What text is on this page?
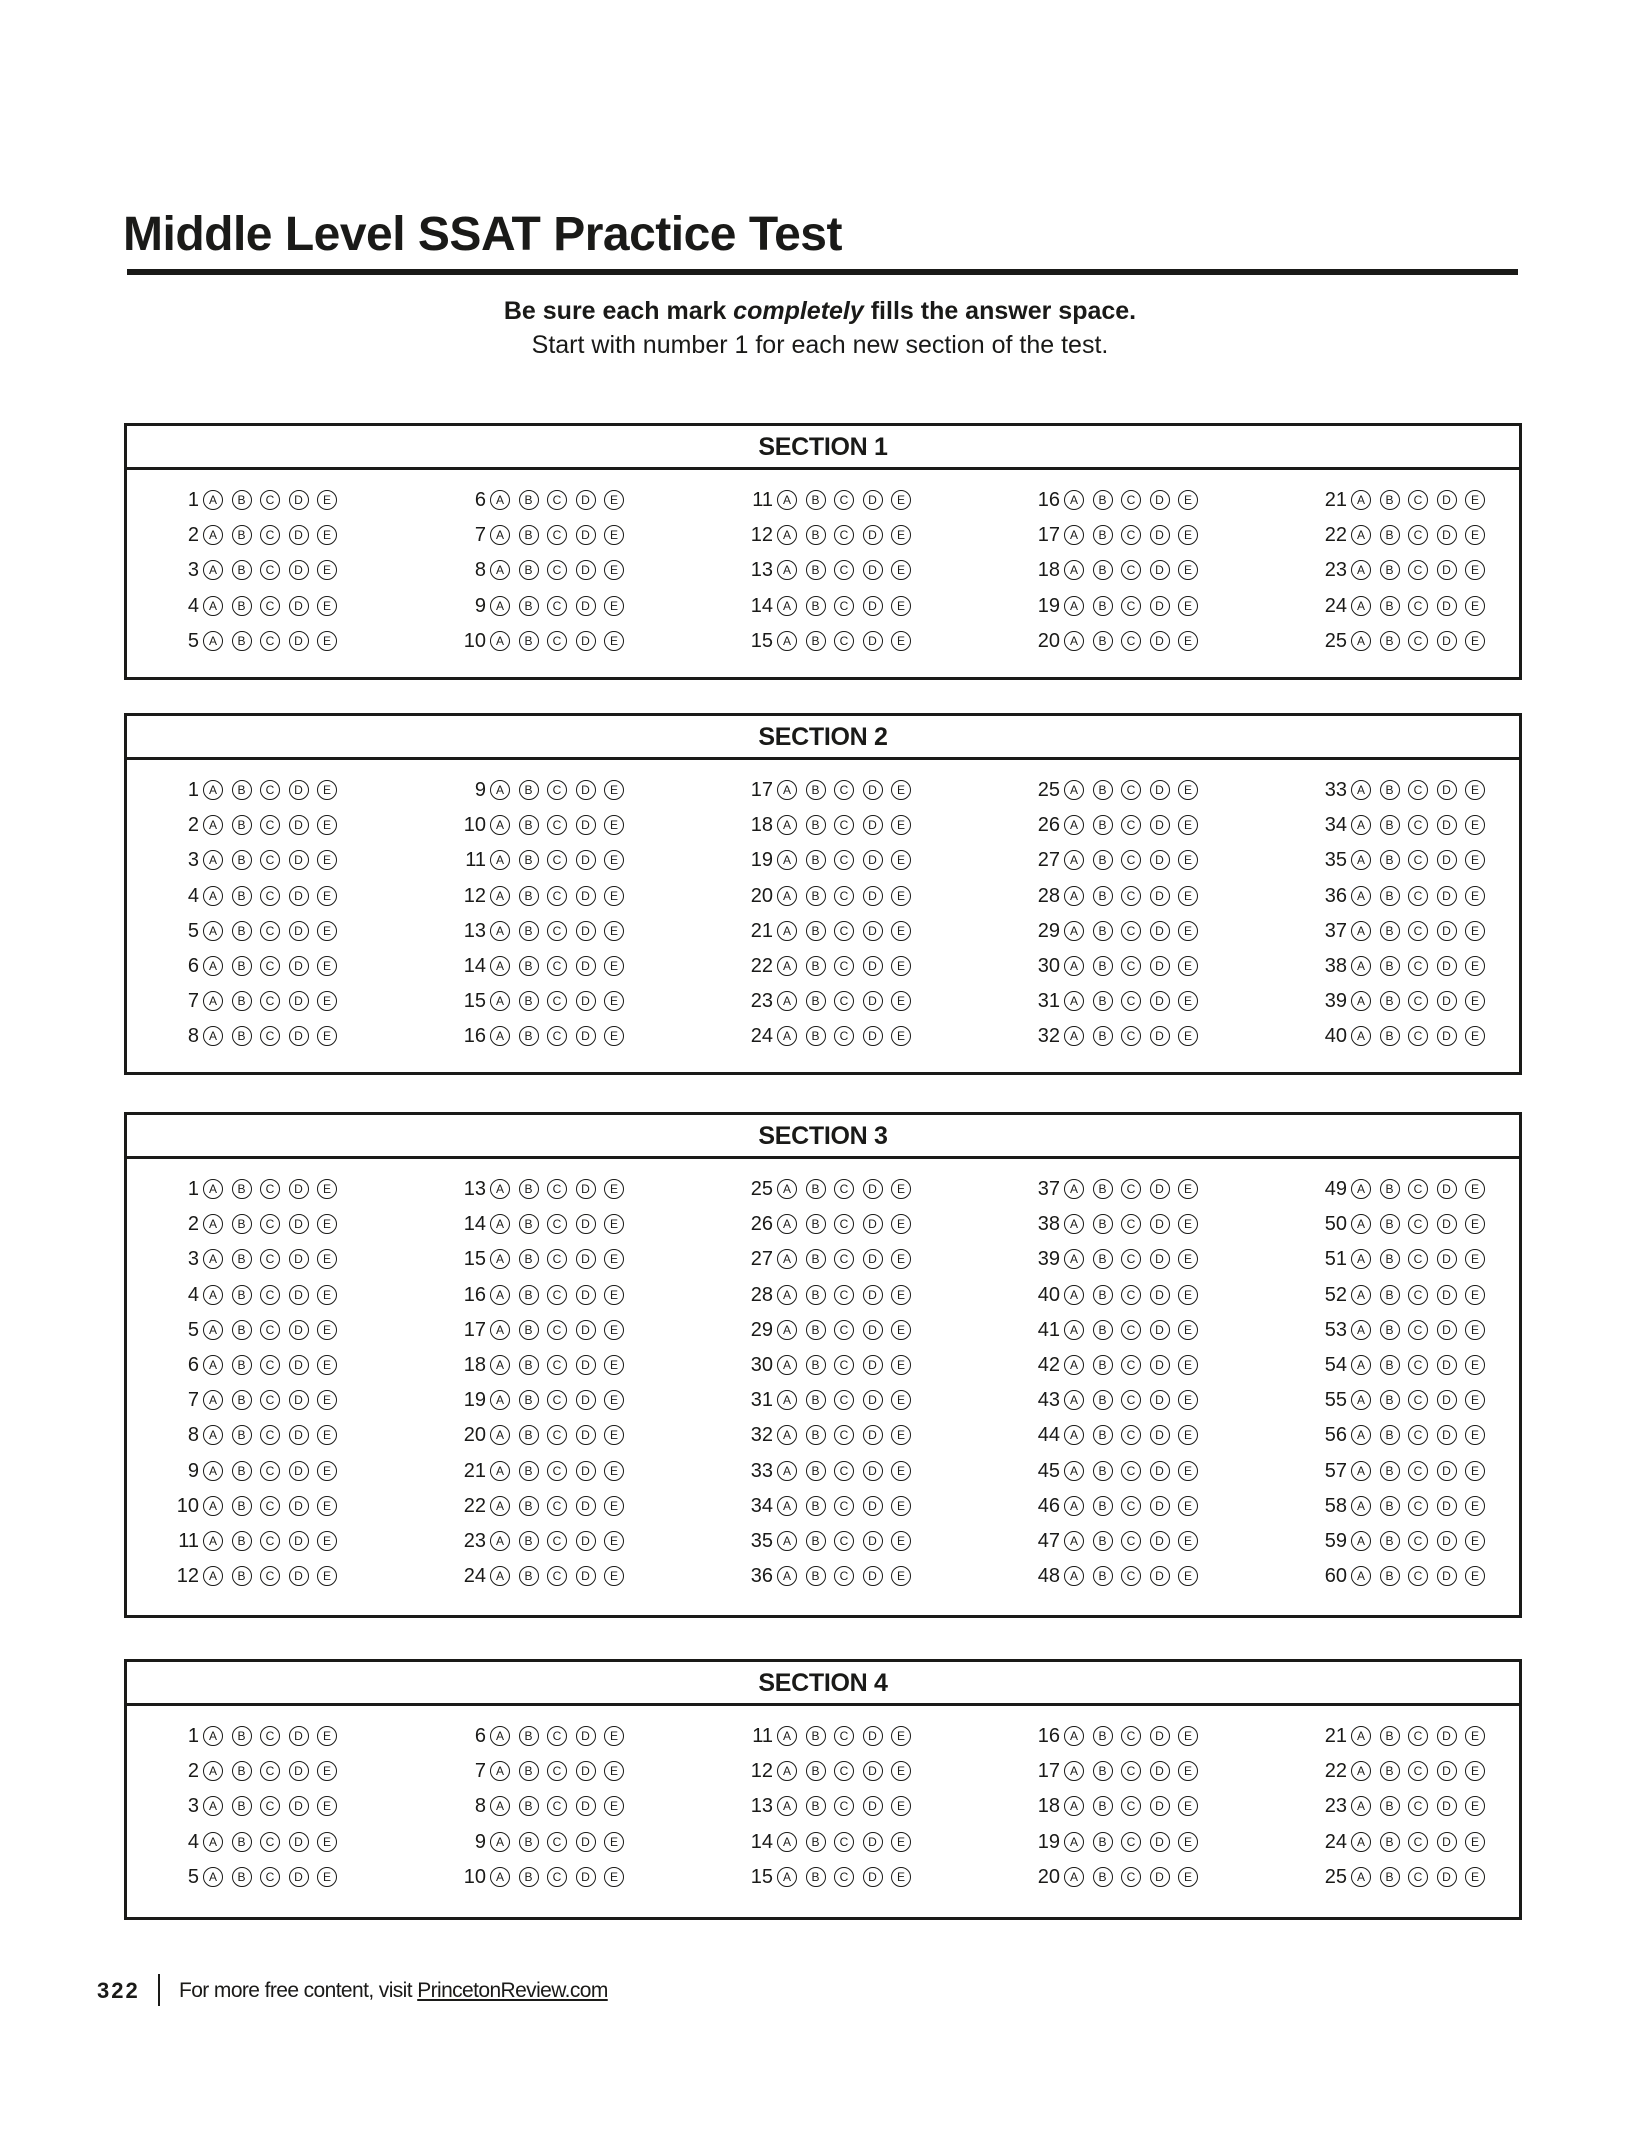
Middle Level SSAT Practice Test
Be sure each mark completely fills the answer space.
Start with number 1 for each new section of the test.
SECTION 1
1 A	B	C	D	E
2 A	B	C	D	E
3 A	B	C	D	E
4 A	B	C	D	E
5 A	B	C	D	E
6 A	B	C	D	E
7 A	B	C	D	E
8 A	B	C	D	E
9 A	B	C	D	E
10 A	B	C	D	E
11 A	B	C	D	E
12 A	B	C	D	E
13 A	B	C	D	E
14 A	B	C	D	E
15 A	B	C	D	E
16 A	B	C	D	E
17 A	B	C	D	E
18 A	B	C	D	E
19 A	B	C	D	E
20 A	B	C	D	E
21 A	B	C	D	E
22 A	B	C	D	E
23 A	B	C	D	E
24 A	B	C	D	E
25 A	B	C	D	E
SECTION 2
1 A	B	C	D	E
2 A	B	C	D	E
3 A	B	C	D	E
4 A	B	C	D	E
5 A	B	C	D	E
6 A	B	C	D	E
7 A	B	C	D	E
8 A	B	C	D	E
9 A	B	C	D	E
10 A	B	C	D	E
11 A	B	C	D	E
12 A	B	C	D	E
13 A	B	C	D	E
14 A	B	C	D	E
15 A	B	C	D	E
16 A	B	C	D	E
17 A	B	C	D	E
18 A	B	C	D	E
19 A	B	C	D	E
20 A	B	C	D	E
21 A	B	C	D	E
22 A	B	C	D	E
23 A	B	C	D	E
24 A	B	C	D	E
25 A	B	C	D	E
26 A	B	C	D	E
27 A	B	C	D	E
28 A	B	C	D	E
29 A	B	C	D	E
30 A	B	C	D	E
31 A	B	C	D	E
32 A	B	C	D	E
33 A	B	C	D	E
34 A	B	C	D	E
35 A	B	C	D	E
36 A	B	C	D	E
37 A	B	C	D	E
38 A	B	C	D	E
39 A	B	C	D	E
40 A	B	C	D	E
SECTION 3
1 A	B	C	D	E
2 A	B	C	D	E
3 A	B	C	D	E
4 A	B	C	D	E
5 A	B	C	D	E
6 A	B	C	D	E
7 A	B	C	D	E
8 A	B	C	D	E
9 A	B	C	D	E
10 A	B	C	D	E
11 A	B	C	D	E
12 A	B	C	D	E
13 A	B	C	D	E
14 A	B	C	D	E
15 A	B	C	D	E
16 A	B	C	D	E
17 A	B	C	D	E
18 A	B	C	D	E
19 A	B	C	D	E
20 A	B	C	D	E
21 A	B	C	D	E
22 A	B	C	D	E
23 A	B	C	D	E
24 A	B	C	D	E
25 A	B	C	D	E
26 A	B	C	D	E
27 A	B	C	D	E
28 A	B	C	D	E
29 A	B	C	D	E
30 A	B	C	D	E
31 A	B	C	D	E
32 A	B	C	D	E
33 A	B	C	D	E
34 A	B	C	D	E
35 A	B	C	D	E
36 A	B	C	D	E
37 A	B	C	D	E
38 A	B	C	D	E
39 A	B	C	D	E
40 A	B	C	D	E
41 A	B	C	D	E
42 A	B	C	D	E
43 A	B	C	D	E
44 A	B	C	D	E
45 A	B	C	D	E
46 A	B	C	D	E
47 A	B	C	D	E
48 A	B	C	D	E
49 A	B	C	D	E
50 A	B	C	D	E
51 A	B	C	D	E
52 A	B	C	D	E
53 A	B	C	D	E
54 A	B	C	D	E
55 A	B	C	D	E
56 A	B	C	D	E
57 A	B	C	D	E
58 A	B	C	D	E
59 A	B	C	D	E
60 A	B	C	D	E
SECTION 4
1 A	B	C	D	E
2 A	B	C	D	E
3 A	B	C	D	E
4 A	B	C	D	E
5 A	B	C	D	E
6 A	B	C	D	E
7 A	B	C	D	E
8 A	B	C	D	E
9 A	B	C	D	E
10 A	B	C	D	E
11 A	B	C	D	E
12 A	B	C	D	E
13 A	B	C	D	E
14 A	B	C	D	E
15 A	B	C	D	E
16 A	B	C	D	E
17 A	B	C	D	E
18 A	B	C	D	E
19 A	B	C	D	E
20 A	B	C	D	E
21 A	B	C	D	E
22 A	B	C	D	E
23 A	B	C	D	E
24 A	B	C	D	E
25 A	B	C	D	E
322 For more free content, visit PrincetonReview.com
